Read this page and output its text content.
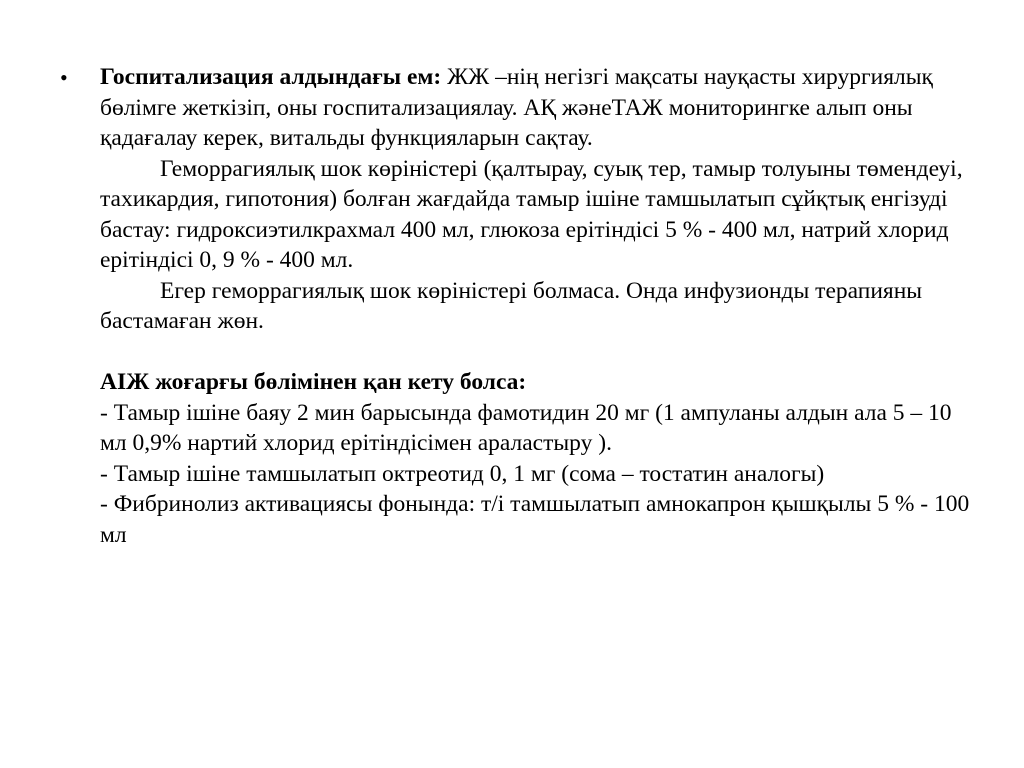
• Госпитализация алдындағы ем: ЖЖ –нің негізгі мақсаты науқасты хирургиялық бөлімге жеткізіп, оны госпитализациялау. АҚ жәнеТАЖ мониторингке алып оны қадағалау керек, витальды функцияларын сақтау.

Геморрагиялық шок көріністері (қалтырау, суық тер, тамыр толуыны төмендеуі, тахикардия, гипотония) болған жағдайда тамыр ішіне тамшылатып сұйқтық енгізуді бастау: гидроксиэтилкрахмал 400 мл, глюкоза ерітіндісі 5 % - 400 мл, натрий хлорид ерітіндісі 0, 9 % - 400 мл.

Егер геморрагиялық шок көріністері болмаса. Онда инфузионды терапияны бастамаған жөн.

АІЖ жоғарғы бөлімінен қан кету болса:

- Тамыр ішіне баяу 2 мин барысында фамотидин 20 мг (1 ампуланы алдын ала 5 – 10 мл 0,9% нартий хлорид ерітіндісімен араластыру ).

- Тамыр ішіне тамшылатып октреотид 0, 1 мг (сома – тостатин аналогы)

- Фибринолиз активациясы фонында: т/і тамшылатып амнокапрон қышқылы 5 % - 100 мл
